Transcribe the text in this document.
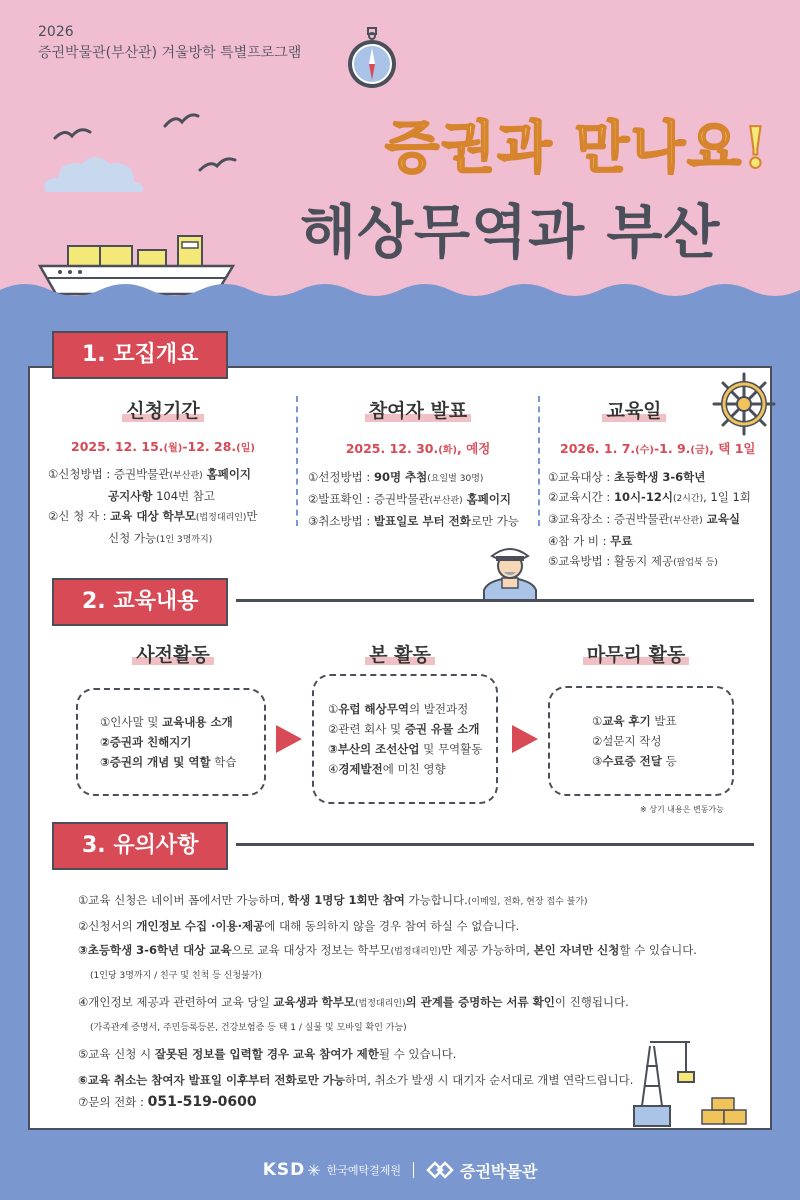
2026
증권박물관(부산관) 겨울방학 특별프로그램
증권과 만나요!
해상무역과 부산
1. 모집개요
신청기간
2025. 12. 15.(월)-12. 28.(일)
①신청방법 : 증권박물관(부산관) 홈페이지
공지사항 104번 참고
②신 청 자 : 교육 대상 학부모(법정대리인)만
신청 가능(1인 3명까지)
참여자 발표
2025. 12. 30.(화), 예정
①선정방법 : 90명 추첨(요일별 30명)
②발표확인 : 증권박물관(부산관) 홈페이지
③취소방법 : 발표일로 부터 전화로만 가능
교육일
2026. 1. 7.(수)-1. 9.(금), 택 1일
①교육대상 : 초등학생 3-6학년
②교육시간 : 10시-12시(2시간), 1일 1회
③교육장소 : 증권박물관(부산관) 교육실
④참 가 비 : 무료
⑤교육방법 : 활동지 제공(팝업북 등)
2. 교육내용
사전활동
①인사말 및 교육내용 소개
②증권과 친해지기
③증권의 개념 및 역할 학습
본 활동
①유럽 해상무역의 발전과정
②관련 회사 및 증권 유물 소개
③부산의 조선산업 및 무역활동
④경제발전에 미친 영향
마무리 활동
①교육 후기 발표
②설문지 작성
③수료증 전달 등
※ 상기 내용은 변동가능
3. 유의사항
①교육 신청은 네이버 폼에서만 가능하며, 학생 1명당 1회만 참여 가능합니다.(이메일, 전화, 현장 접수 불가)
②신청서의 개인정보 수집 ·이용·제공에 대해 동의하지 않을 경우 참여 하실 수 없습니다.
③초등학생 3-6학년 대상 교육으로 교육 대상자 정보는 학부모(법정대리인)만 제공 가능하며, 본인 자녀만 신청할 수 있습니다.
(1인당 3명까지 / 친구 및 친척 등 신청불가)
④개인정보 제공과 관련하여 교육 당일 교육생과 학부모(법정대리인)의 관계를 증명하는 서류 확인이 진행됩니다.
(가족관계 증명서, 주민등록등본, 건강보험증 등 택 1 / 실물 및 모바일 확인 가능)
⑤교육 신청 시 잘못된 정보를 입력할 경우 교육 참여가 제한될 수 있습니다.
⑥교육 취소는 참여자 발표일 이후부터 전화로만 가능하며, 취소가 발생 시 대기자 순서대로 개별 연락드립니다.
⑦문의 전화 : 051-519-0600
KSD ✳ 한국예탁결제원	증권박물관
